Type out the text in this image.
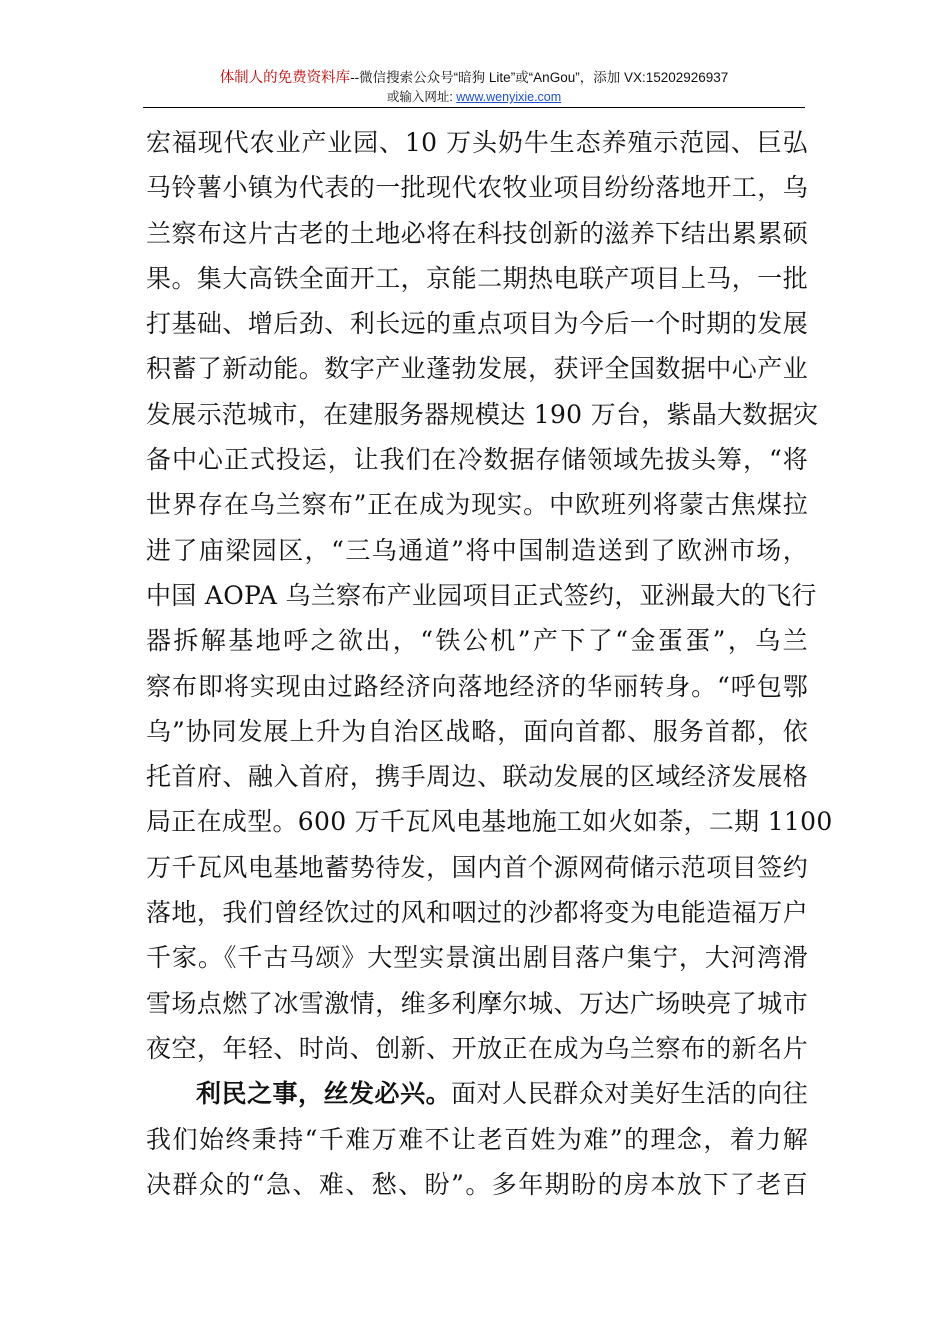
体制人的免费资料库--微信搜索公众号“暗狗 Lite”或“AnGou”，添加 VX:15202926937
或输入网址: www.wenyixie.com
宏福现代农业产业园、10 万头奶牛生态养殖示范园、巨弘
马铃薯小镇为代表的一批现代农牧业项目纷纷落地开工，乌
兰察布这片古老的土地必将在科技创新的滋养下结出累累硕
果。集大高铁全面开工，京能二期热电联产项目上马，一批
打基础、增后劲、利长远的重点项目为今后一个时期的发展
积蓄了新动能。数字产业蓬勃发展，获评全国数据中心产业
发展示范城市，在建服务器规模达 190 万台，紫晶大数据灾
备中心正式投运，让我们在冷数据存储领域先拔头筹，“将
世界存在乌兰察布”正在成为现实。中欧班列将蒙古焦煤拉
进了庙梁园区，“三乌通道”将中国制造送到了欧洲市场，
中国 AOPA 乌兰察布产业园项目正式签约，亚洲最大的飞行
器拆解基地呼之欲出，“铁公机”产下了“金蛋蛋”，乌兰
察布即将实现由过路经济向落地经济的华丽转身。“呼包鄂
乌”协同发展上升为自治区战略，面向首都、服务首都，依
托首府、融入首府，携手周边、联动发展的区域经济发展格
局正在成型。600 万千瓦风电基地施工如火如荼，二期 1100
万千瓦风电基地蓄势待发，国内首个源网荷储示范项目签约
落地，我们曾经饮过的风和咽过的沙都将变为电能造福万户
千家。《千古马颂》大型实景演出剧目落户集宁，大河湾滑
雪场点燃了冰雪激情，维多利摩尔城、万达广场映亮了城市
夜空，年轻、时尚、创新、开放正在成为乌兰察布的新名片
利民之事，丝发必兴。面对人民群众对美好生活的向往
我们始终秉持“千难万难不让老百姓为难”的理念，着力解
决群众的“急、难、愁、盼”。多年期盼的房本放下了老百
